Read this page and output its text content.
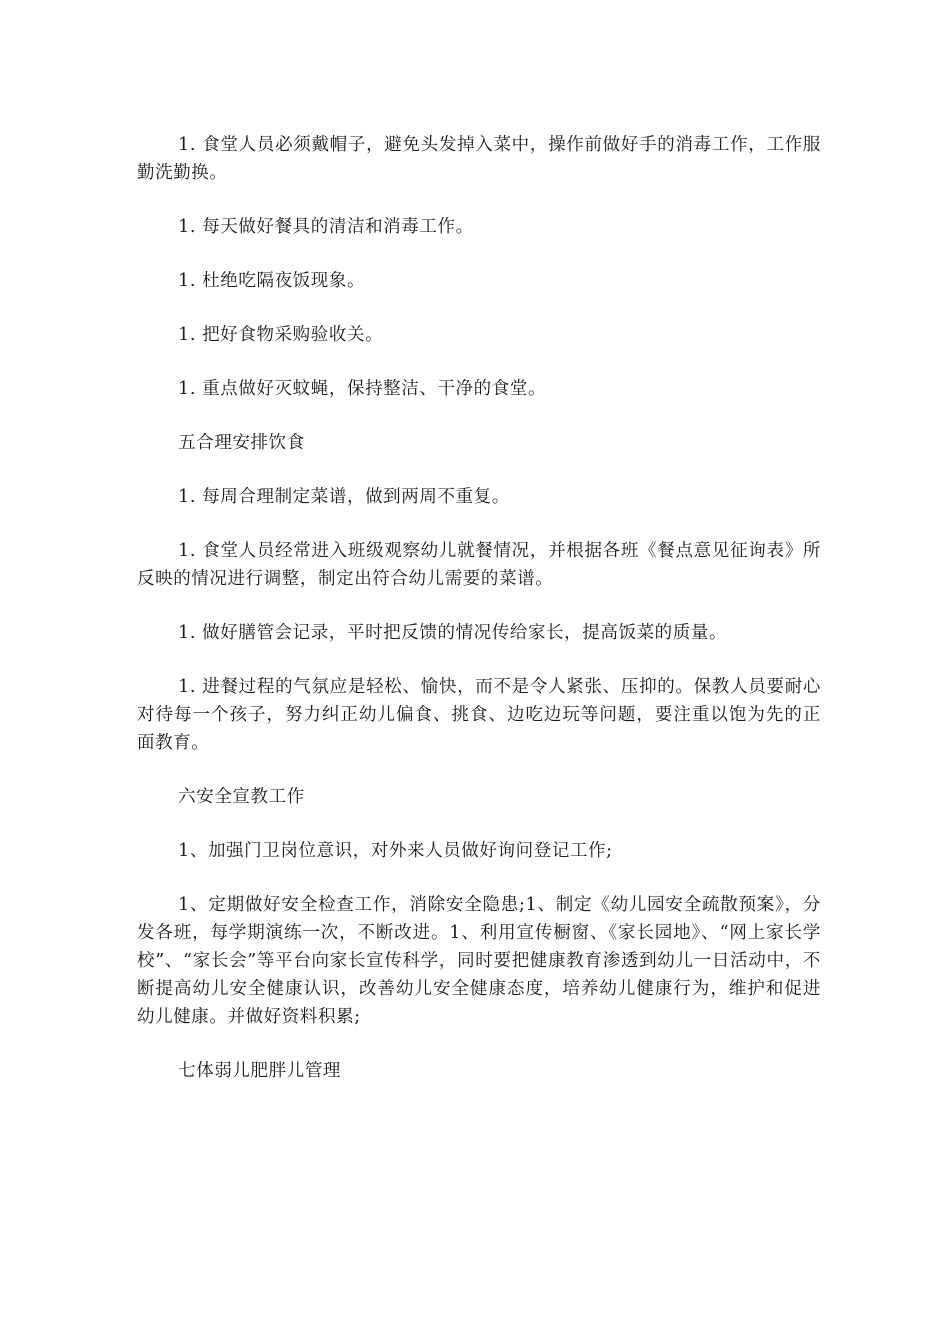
1. 食堂人员必须戴帽子，避免头发掉入菜中，操作前做好手的消毒工作，工作服勤洗勤换。

1. 每天做好餐具的清洁和消毒工作。

1. 杜绝吃隔夜饭现象。

1. 把好食物采购验收关。

1. 重点做好灭蚊蝇，保持整洁、干净的食堂。

五合理安排饮食

1. 每周合理制定菜谱，做到两周不重复。

1. 食堂人员经常进入班级观察幼儿就餐情况，并根据各班《餐点意见征询表》所反映的情况进行调整，制定出符合幼儿需要的菜谱。

1. 做好膳管会记录，平时把反馈的情况传给家长，提高饭菜的质量。

1. 进餐过程的气氛应是轻松、愉快，而不是令人紧张、压抑的。保教人员要耐心对待每一个孩子，努力纠正幼儿偏食、挑食、边吃边玩等问题，要注重以饱为先的正面教育。

六安全宣教工作

1、加强门卫岗位意识，对外来人员做好询问登记工作;

1、定期做好安全检查工作，消除安全隐患;1、制定《幼儿园安全疏散预案》，分发各班，每学期演练一次，不断改进。1、利用宣传橱窗、《家长园地》、“网上家长学校”、“家长会”等平台向家长宣传科学，同时要把健康教育渗透到幼儿一日活动中，不断提高幼儿安全健康认识，改善幼儿安全健康态度，培养幼儿健康行为，维护和促进幼儿健康。并做好资料积累;

七体弱儿肥胖儿管理
